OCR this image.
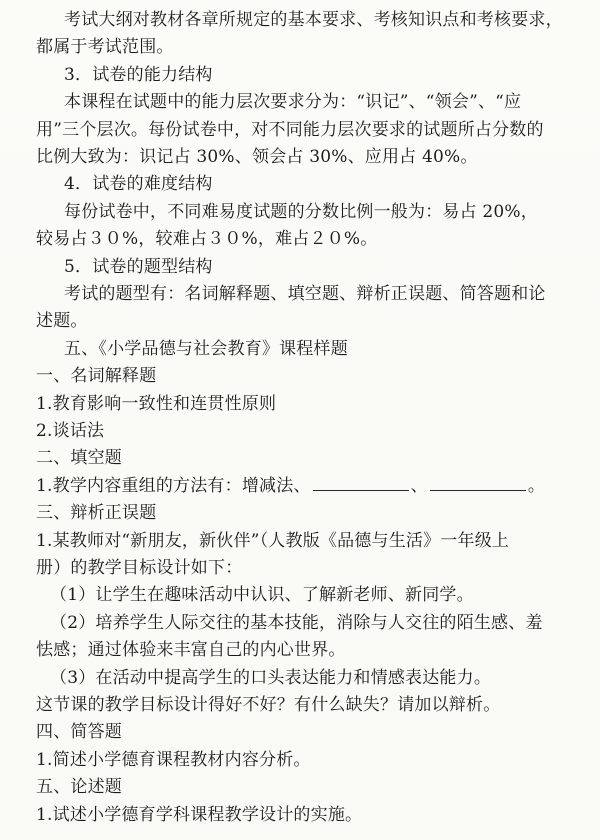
考试大纲对教材各章所规定的基本要求、考核知识点和考核要求，
都属于考试范围。
3．试卷的能力结构
本课程在试题中的能力层次要求分为：“识记”、“领会”、“应
用”三个层次。每份试卷中，对不同能力层次要求的试题所占分数的
比例大致为：识记占 30%、领会占 30%、应用占 40%。
4．试卷的难度结构
每份试卷中，不同难易度试题的分数比例一般为：易占 20%，
较易占３０%，较难占３０%，难占２０%。
5．试卷的题型结构
考试的题型有：名词解释题、填空题、辩析正误题、简答题和论
述题。
五、《小学品德与社会教育》课程样题
一、名词解释题
1.教育影响一致性和连贯性原则
2.谈话法
二、填空题
1.教学内容重组的方法有：增减法、	、	。
三、辩析正误题
1.某教师对“新朋友，新伙伴”（人教版《品德与生活》一年级上
册）的教学目标设计如下：
（1）让学生在趣味活动中认识、了解新老师、新同学。
（2）培养学生人际交往的基本技能，消除与人交往的陌生感、羞
怯感；通过体验来丰富自己的内心世界。
（3）在活动中提高学生的口头表达能力和情感表达能力。
这节课的教学目标设计得好不好？有什么缺失？请加以辩析。
四、简答题
1.简述小学德育课程教材内容分析。
五、论述题
1.试述小学德育学科课程教学设计的实施。
